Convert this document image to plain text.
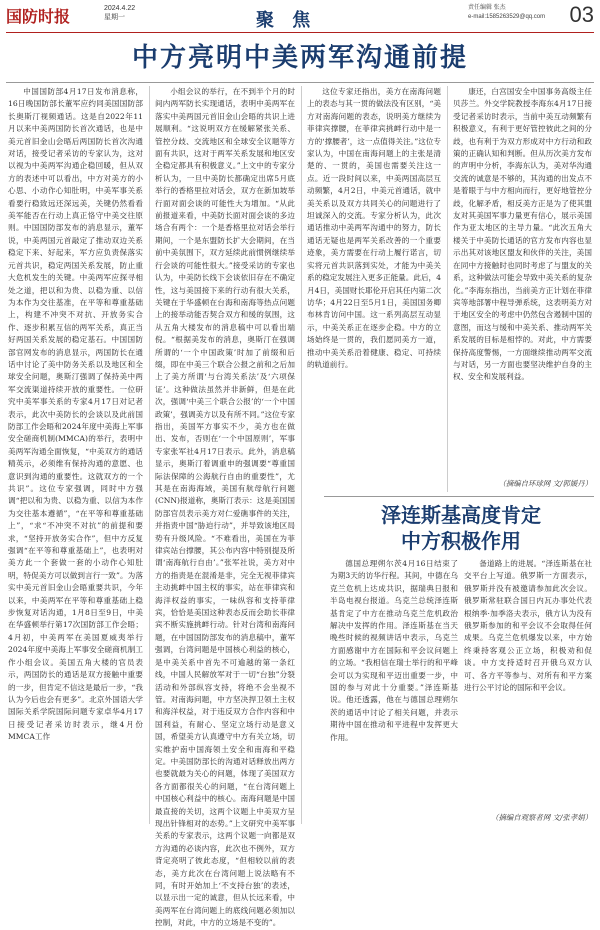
国防时报	2024.4.22
星期一	聚 焦
责任编辑 张杰
e-mail:1585263529@qq.com	03
中方亮明中美两军沟通前提

中国国防部4月17日发布消息称，16日晚国防部长董军应约同美国国防部长奥斯汀视频通话。这是自2022年11月以来中美两国防长首次通话，也是中美元首旧金山会晤后两国防长首次沟通对话，接受记者采访的专家认为，这对以视为中美两军沟通企稳回暖，但从双方的表述中可以看出，中方对美方的小心思、小动作心知肚明，中美军事关系看要行稳致远还深远美，关键仍然看看美军能否在行动上真正恪守中美交往原则。中国国防部发布的消息显示，董军说，中美两国元首敲定了推动双边关系稳定下来、好起来，军方应负责保落实元首共识，稳定两国关系发展，防止重大危机发生的关键。中美两军应探寻相处之道，把以和为贵、以稳为重、以信为本作为交往基准，在平等和尊重基础上，构建不冲突不对抗、开放务实合作、逐步积累互信的两军关系，真正当好两国关系发展的稳定基石。中国国防部官网发布的消息显示，两国防长在通话中讨论了美中防务关系以及地区和全球安全问题，奥斯汀强调了保持美中两军交流渠道持续开放的重要性。一位研究中美军事关系的专家4月17日对记者表示，此次中美防长的会谈以及此前国防部工作会晤和2024年度中美海上军事安全磋商机制(MMCA)的举行，表明中美两军沟通全面恢复，“中美双方的通话精英示，必须维有保持沟通的意愿、也意识到沟通的重要性。这就双方的一个共识”。这位专家强调，同时中方强调“把以和为贵、以稳为重、以信为本作为交往基本遵循”，“在平等和尊重基础上”，“求“不冲突不对抗”的前提和要求，“坚持开放务实合作”，但中方反复强调“在平等和尊重基础上”，也表明对美方此一个套做一套的小动作心知肚明，特促美方可以做到言行一致”。为落实中美元首旧金山会晤重要共识，今年以来，中美两军在平等和尊重基础上稳步恢复对话沟通，1月8日至9日，中美在华盛顿举行第17次国防部工作会晤；4月初，中美两军在美国夏威夷举行2024年度中美海上军事安全磋商机制工作小组会议。美国五角大楼的官员表示，两国防长的通话是双方接触中重要的一步，但肯定不信这是最后一步，“我认为今后也会有更多”。北京外国语大学国际关系学院国际问题专家卓华4月17日接受记者采访时表示，继4月份MMCA工作

小组会议的举行，在不到半个月的时间内两军防长实现通话，表明中美两军在落实中美两国元首旧金山会晤的共识上进展顺利。“这说明双方在缓解紧张关系、管控分歧、交流地区和全球安全议题等方面有共识，这对于两军关系发展和地区安全稳定都具有积极意义。”上文中的专家分析认为，一旦中美防长都确定出席5月底举行的香格里拉对话会，双方在新加坡举行面对面会谈的可能性大为增加。“从此前报道来看，中美防长面对面会谈的多边场合有两个：一个是香格里拉对话会举行期间，一个是东盟防长扩大会期间，在当前中美氛围下，双方延续此前惯例继续举行会谈的可能性很大。”接受采访的专家也认为，中美防长线下会谈依旧存在不确定性，这与美国接下来的行动有很大关系，关键在于华盛顿在台海和南海等热点问题上的接举动能否契合双方和缓的氛围，这从五角大楼发布的消息稿中可以看出端倪。“根据美发布的消息，奥斯汀在强调所谓的‘一个中国政策’时加了前缀和后缀，即在中美三个联合公报之前和之后加上了美方所谓‘与台湾关系法’及‘六项保证’。这种做法虽然并非新鲜，但是在此次，强调‘中美三个联合公报’的‘一个中国政策’，强调美方以及有所不同。”这位专家指出，美国军方事实不少，美方也在做出、发布，否则在‘一个中国原则’，军事专家张军社4月17日表示。此外，消息稿显示，奥斯汀着调重申的强调要“尊重国际法保障的公海航行自由的重要性”，尤其是在南海海域，美国有航母航行问题(CNN)报道称，奥斯汀表示：这是美国国防部官员表示美方对仁爱礁事件的关注，并指责中国“胁迫行动”，并导致该地区局势有升级风险。“不难看出，美国在为菲律宾站台撑腰，其公布内容中特别提及所谓‘南海航行自由’。”张军社说，美方对中方的指责是在混淆是非，完全无视菲律宾主动挑衅中国主权的事实，站在菲律宾和海洋权益的事实，一味纵容和支持菲律宾，恰恰是美国这种表态反而会助长菲律宾不断实施挑衅行动。针对台湾和南海问题，在中国国防部发布的消息稿中，董军强调，台湾问题是中国核心利益的核心，是中美关系中首先不可逾越的第一条红线，中国人民解放军对于一切“台独”分裂活动和外部纵容支持，将绝不会坐视不管。对南海问题，中方坚决捍卫领土主权和海洋权益，对于违反双方合作内容和中国利益，有耐心、坚定立场行动是意义国，希望美方认真遵守中方有关立场，切实维护南中国海领土安全和南海和平稳定。中美国防部长的沟通对话释放出两方也要就最为关心的问题，体现了美国双方各方面都很关心的问题，“在台湾问题上中国核心利益中的核心。南海问题是中国最直接的关切，这两个议题上中美双方呈现出针锋相对的态势。”上文研究中美军事关系的专家表示，这两个议题一向都是双方沟通的必谈内容，此次也不例外，双方背定亮明了彼此态度，“但相较以前的表态，美方此次在台湾问题上说法略有不同，有时开始加上‘不支持台独’的表述，以显示出一定的诚意，但从长远来看，中美两军在台湾问题上的底线问题必须加以控制，对此，中方的立场是不变的”。

这位专家还指出，美方在南海问题上的表态与其一贯的做法没有区别，“美方对南海问题的表态，说明美方继续为菲律宾撑腰，在菲律宾挑衅行动中是一方的‘撑腰者’，这一点值得关注。”这位专家认为，中国在南海问题上的主张是清楚的、一贯的，美国也需要关注这一点。近一段时间以来，中美两国高层互动频繁，4月2日，中美元首通话，就中美关系以及双方共同关心的问题进行了坦诚深入的交流。专家分析认为，此次通话推动中美两军沟通中的努力，防长通话无疑也是两军关系改善的一个重要迹象，美方需要在行动上履行诺言，切实将元首共识落到实处，才能为中美关系的稳定发展注入更多正能量。此后，4月4日，美国财长耶伦开启其任内第二次访华；4月22日至5月1日，美国国务卿布林肯访问中国。这一系列高层互动显示，中美关系正在逐步企稳。中方的立场始终是一贯的，我们愿同美方一道，推动中美关系沿着健康、稳定、可持续的轨道前行。

康还，白宫国安全中国事务高级主任贝莎兰。外交学院教授李海东4月17日接受记者采访时表示，当前中美互动频繁有积极意义，有利于更好管控彼此之间的分歧，也有利于为双方形成对中方行动和政策的正确认知和判断。但从历次美方发布的声明中分析，李海东认为，美对华沟通交流的诚意是不够的，其沟通的出发点不是着眼于与中方相向而行，更好地管控分歧，化解矛盾，相反美方正是为了使其盟友对其美国军事力量更有信心，展示美国作为亚太地区的主导力量。“此次五角大楼关于中美防长通话的官方发布内容也显示出其对该地区盟友和伙伴的关注，美国在同中方接触时也同时考虑了与盟友的关系，这种做法可能会导致中美关系的复杂化。”李海东指出，当前美方正计划在菲律宾等地部署中程导弹系统，这表明美方对于地区安全的考虑中仍然包含遏制中国的意图，而这与缓和中美关系、推动两军关系发展的目标是相悖的。对此，中方需要保持高度警惕，一方面继续推动两军交流与对话，另一方面也要坚决维护自身的主权、安全和发展利益。

（摘编自环球网 文/郭媛丹）
泽连斯基高度肯定
中方积极作用

德国总理朔尔茨4月16日结束了为期3天的访华行程。其间，中德在乌克兰危机上达成共识，据瑞典日报和半岛电视台报道。乌克兰总统泽连斯基肯定了中方在推动乌克兰危机政治解决中发挥的作用。泽连斯基在当天晚些时候的视频讲话中表示，乌克兰方面感谢中方在国际和平会议问题上的立场。“我相信在瑞士举行的和平峰会可以为实现和平迈出重要一步，中国的参与对此十分重要。”泽连斯基说。他还透露，他在与德国总理朔尔茨的通话中讨论了相关问题，并表示期待中国在推动和平进程中发挥更大作用。

备道路上的进展。“泽连斯基在社交平台上写道。俄罗斯一方面表示，俄罗斯并没有被邀请参加此次会议。俄罗斯常驻联合国日内瓦办事处代表根纳季·加季洛夫表示，俄方认为没有俄罗斯参加的和平会议不会取得任何成果。乌克兰危机爆发以来，中方始终秉持客观公正立场，积极劝和促谈。中方支持适时召开俄乌双方认可、各方平等参与、对所有和平方案进行公平讨论的国际和平会议。

（摘编自观察者网 文/张孝娟）
